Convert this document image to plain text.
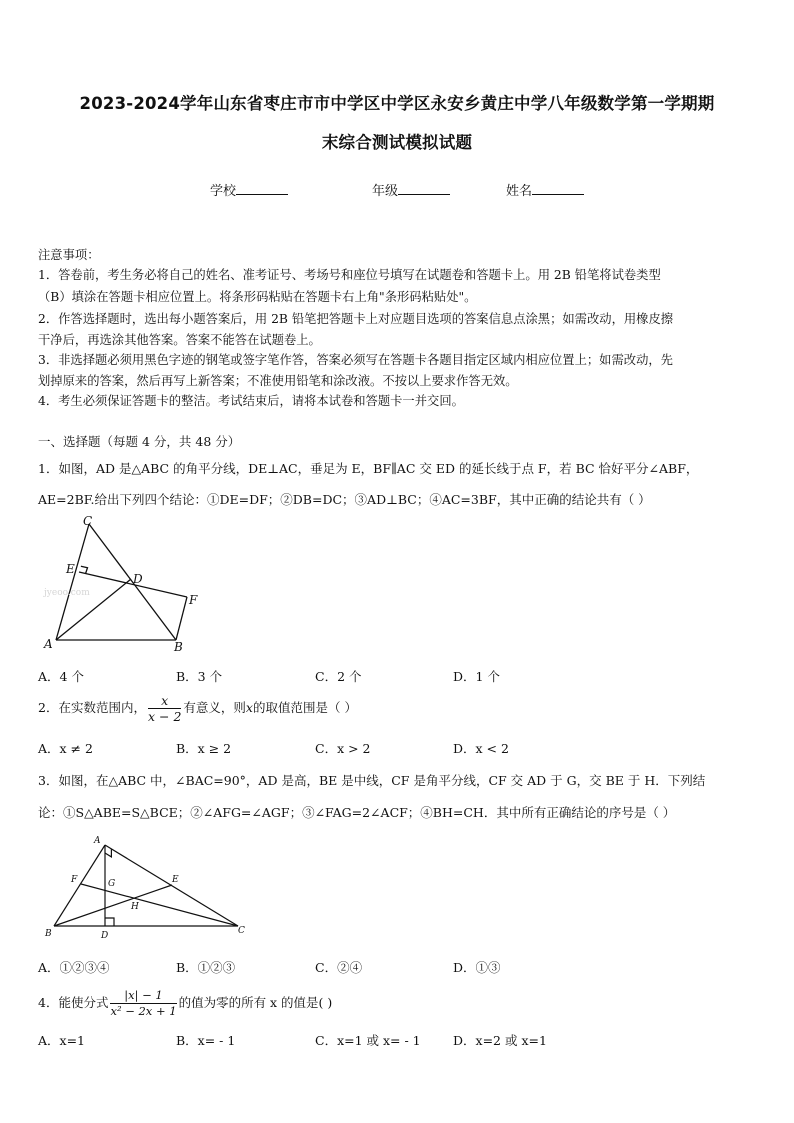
2023-2024学年山东省枣庄市市中学区中学区永安乡黄庄中学八年级数学第一学期期
末综合测试模拟试题
学校	年级	姓名
注意事项：
1．答卷前，考生务必将自己的姓名、准考证号、考场号和座位号填写在试题卷和答题卡上。用 2B 铅笔将试卷类型
（B）填涂在答题卡相应位置上。将条形码粘贴在答题卡右上角"条形码粘贴处"。
2．作答选择题时，选出每小题答案后，用 2B 铅笔把答题卡上对应题目选项的答案信息点涂黑；如需改动，用橡皮擦
干净后，再选涂其他答案。答案不能答在试题卷上。
3．非选择题必须用黑色字迹的钢笔或签字笔作答，答案必须写在答题卡各题目指定区域内相应位置上；如需改动，先
划掉原来的答案，然后再写上新答案；不准使用铅笔和涂改液。不按以上要求作答无效。
4．考生必须保证答题卡的整洁。考试结束后，请将本试卷和答题卡一并交回。
一、选择题（每题 4 分，共 48 分）
1．如图，AD 是△ABC 的角平分线，DE⊥AC，垂足为 E，BF∥AC 交 ED 的延长线于点 F，若 BC 恰好平分∠ABF，
AE=2BF.给出下列四个结论：①DE=DF；②DB=DC；③AD⊥BC；④AC=3BF，其中正确的结论共有（ ）
jyeoo.com
C
E
D
F
A	B
A．4 个	B．3 个	C．2 个	D．1 个
2．在实数范围内， $\frac{x}{x - 2}$ 有意义，则x的取值范围是（ ）
A．x ≠ 2	B．x ≥ 2	C．x > 2	D．x < 2
3．如图，在△ABC 中，∠BAC=90°，AD 是高，BE 是中线，CF 是角平分线，CF 交 AD 于 G，交 BE 于 H．下列结
论：①S△ABE=S△BCE；②∠AFG=∠AGF；③∠FAG=2∠ACF；④BH=CH．其中所有正确结论的序号是（ ）
A
F	G	E
H
B	D	C
A．①②③④	B．①②③	C．②④	D．①③
4．能使分式 $\frac{|x| - 1}{\text{x² − 2x + 1}}$ 的值为零的所有 x 的值是( )
A．x=1	B．x= - 1	C．x=1 或 x= - 1	D．x=2 或 x=1
